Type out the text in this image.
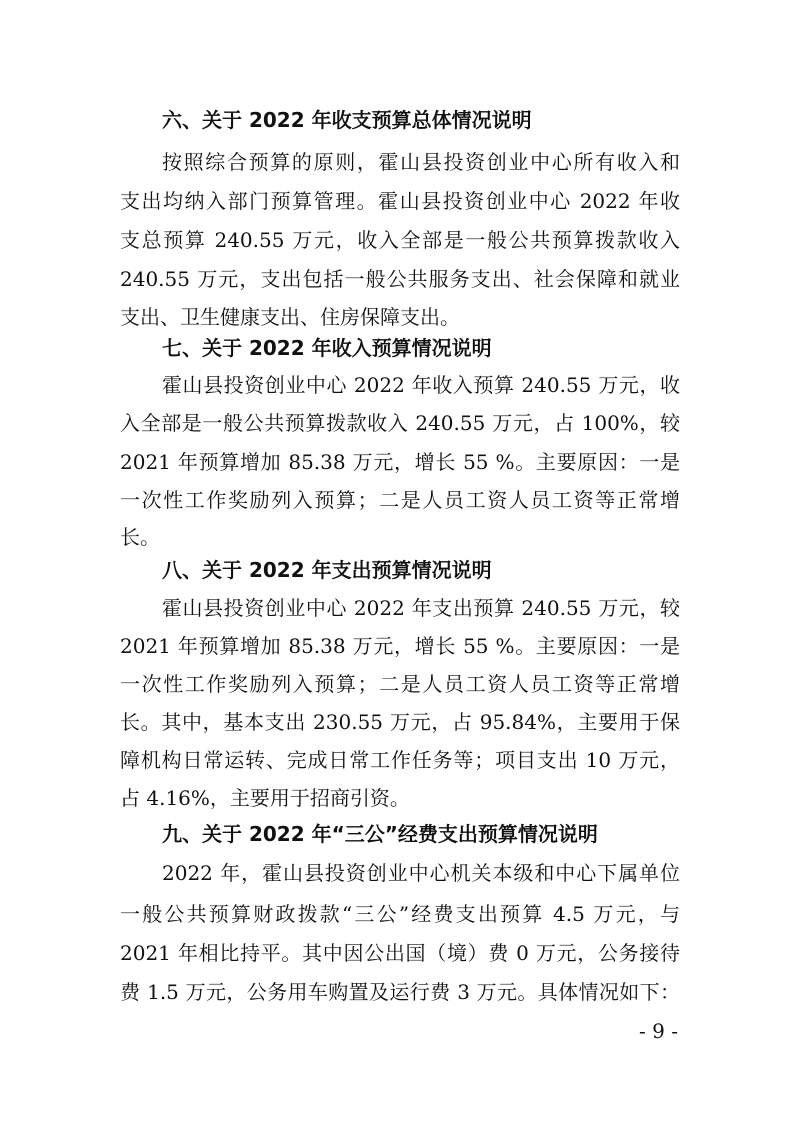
六、关于 2022 年收支预算总体情况说明
按照综合预算的原则，霍山县投资创业中心所有收入和
支出均纳入部门预算管理。霍山县投资创业中心 2022 年收
支总预算 240.55 万元，收入全部是一般公共预算拨款收入
240.55 万元，支出包括一般公共服务支出、社会保障和就业
支出、卫生健康支出、住房保障支出。
七、关于 2022 年收入预算情况说明
霍山县投资创业中心 2022 年收入预算 240.55 万元，收
入全部是一般公共预算拨款收入 240.55 万元，占 100%，较
2021 年预算增加 85.38 万元，增长 55 %。主要原因：一是
一次性工作奖励列入预算；二是人员工资人员工资等正常增
长。
八、关于 2022 年支出预算情况说明
霍山县投资创业中心 2022 年支出预算 240.55 万元，较
2021 年预算增加 85.38 万元，增长 55 %。主要原因：一是
一次性工作奖励列入预算；二是人员工资人员工资等正常增
长。其中，基本支出 230.55 万元，占 95.84%，主要用于保
障机构日常运转、完成日常工作任务等；项目支出 10 万元，
占 4.16%，主要用于招商引资。
九、关于 2022 年“三公”经费支出预算情况说明
2022 年，霍山县投资创业中心机关本级和中心下属单位
一般公共预算财政拨款“三公”经费支出预算 4.5 万元，与
2021 年相比持平。其中因公出国（境）费 0 万元，公务接待
费 1.5 万元，公务用车购置及运行费 3 万元。具体情况如下：
- 9 -
